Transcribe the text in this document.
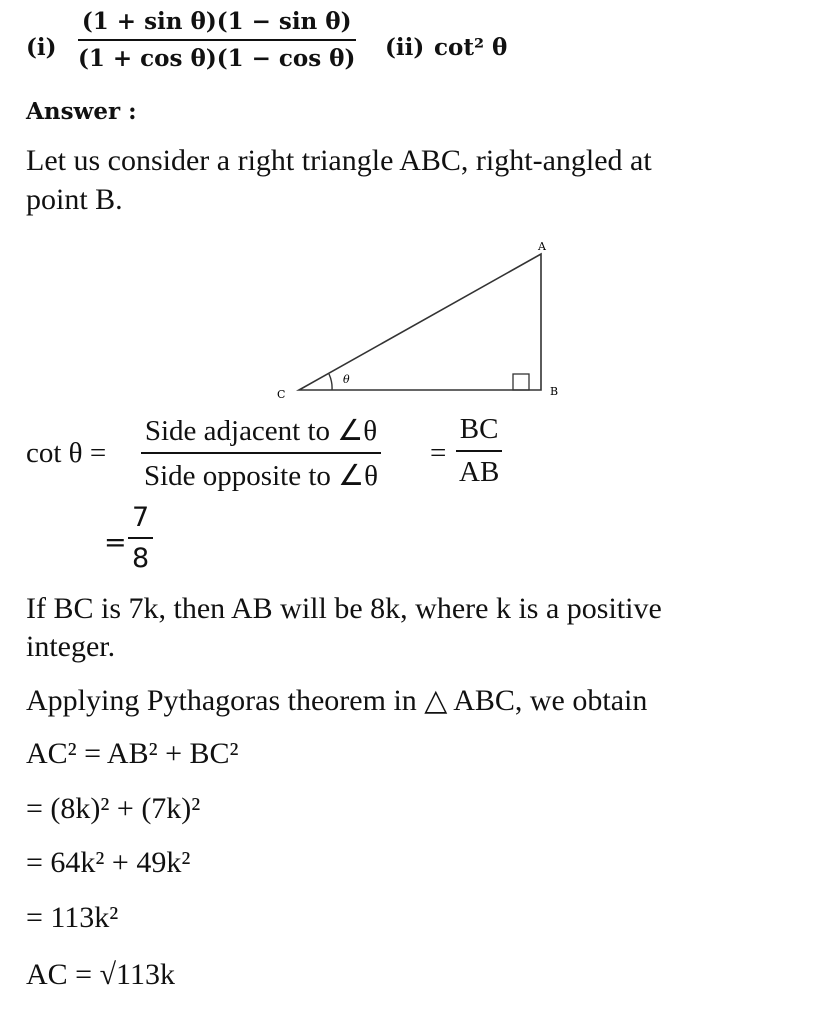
$(i) \frac{\text{(1 + sin θ)(1 − sin θ)}}{\text{(1 + cos θ)(1 − cos θ)}} (ii)$ cot² θ
Answer :
Let us consider a right triangle ABC, right-angled at
point B.
A
B
C
θ
$\cot \theta = \frac{\text{Side adjacent to ∠θ}}{\text{Side opposite to ∠θ}} = \frac{BC}{AB}$
= $\frac{7}{8}$
If BC is 7k, then AB will be 8k, where k is a positive
integer.
Applying Pythagoras theorem in △ ABC, we obtain
AC² = AB² + BC²
= (8k)² + (7k)²
= 64k² + 49k²
= 113k²
AC = √113k
